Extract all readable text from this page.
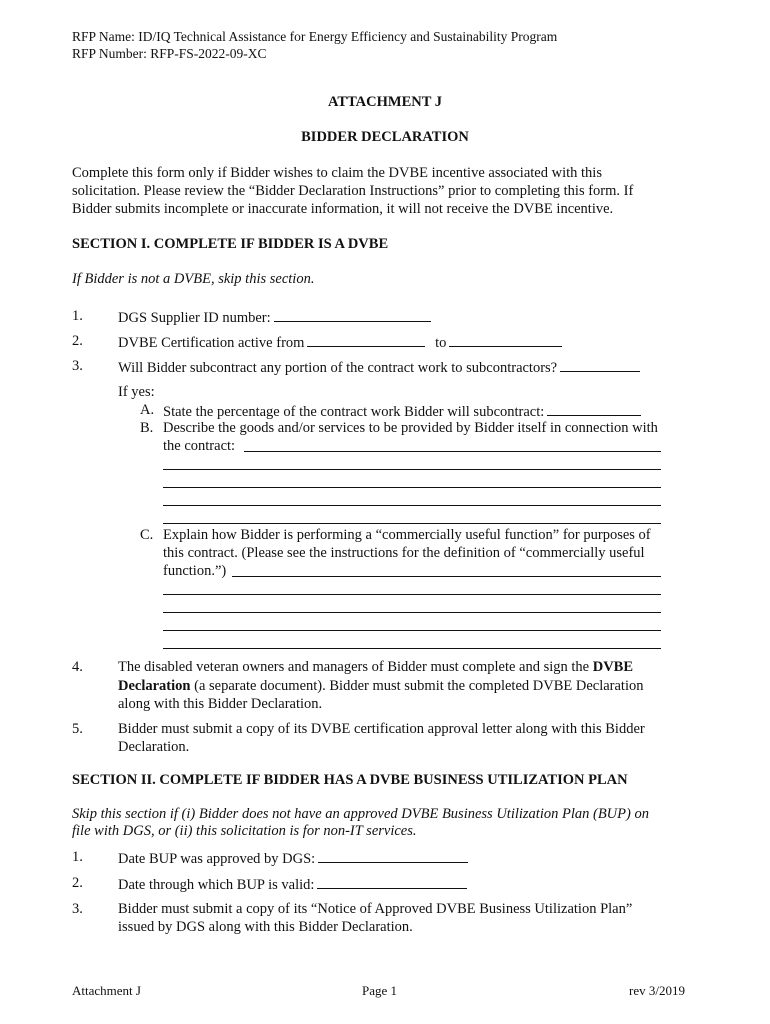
RFP Name: ID/IQ Technical Assistance for Energy Efficiency and Sustainability Program
RFP Number: RFP-FS-2022-09-XC
ATTACHMENT J
BIDDER DECLARATION
Complete this form only if Bidder wishes to claim the DVBE incentive associated with this
solicitation. Please review the “Bidder Declaration Instructions” prior to completing this form. If
Bidder submits incomplete or inaccurate information, it will not receive the DVBE incentive.
SECTION I. COMPLETE IF BIDDER IS A DVBE
If Bidder is not a DVBE, skip this section.
1. DGS Supplier ID number:
2. DVBE Certification active from	to
3. Will Bidder subcontract any portion of the contract work to subcontractors?
If yes:
A. State the percentage of the contract work Bidder will subcontract:
B. Describe the goods and/or services to be provided by Bidder itself in connection with
the contract:
C. Explain how Bidder is performing a “commercially useful function” for purposes of
this contract. (Please see the instructions for the definition of “commercially useful
function.”)
4. The disabled veteran owners and managers of Bidder must complete and sign the DVBE
Declaration (a separate document). Bidder must submit the completed DVBE Declaration
along with this Bidder Declaration.
5. Bidder must submit a copy of its DVBE certification approval letter along with this Bidder
Declaration.
SECTION II. COMPLETE IF BIDDER HAS A DVBE BUSINESS UTILIZATION PLAN
Skip this section if (i) Bidder does not have an approved DVBE Business Utilization Plan (BUP) on
file with DGS, or (ii) this solicitation is for non-IT services.
1. Date BUP was approved by DGS:
2. Date through which BUP is valid:
3. Bidder must submit a copy of its “Notice of Approved DVBE Business Utilization Plan”
issued by DGS along with this Bidder Declaration.
Attachment J	Page 1	rev 3/2019
